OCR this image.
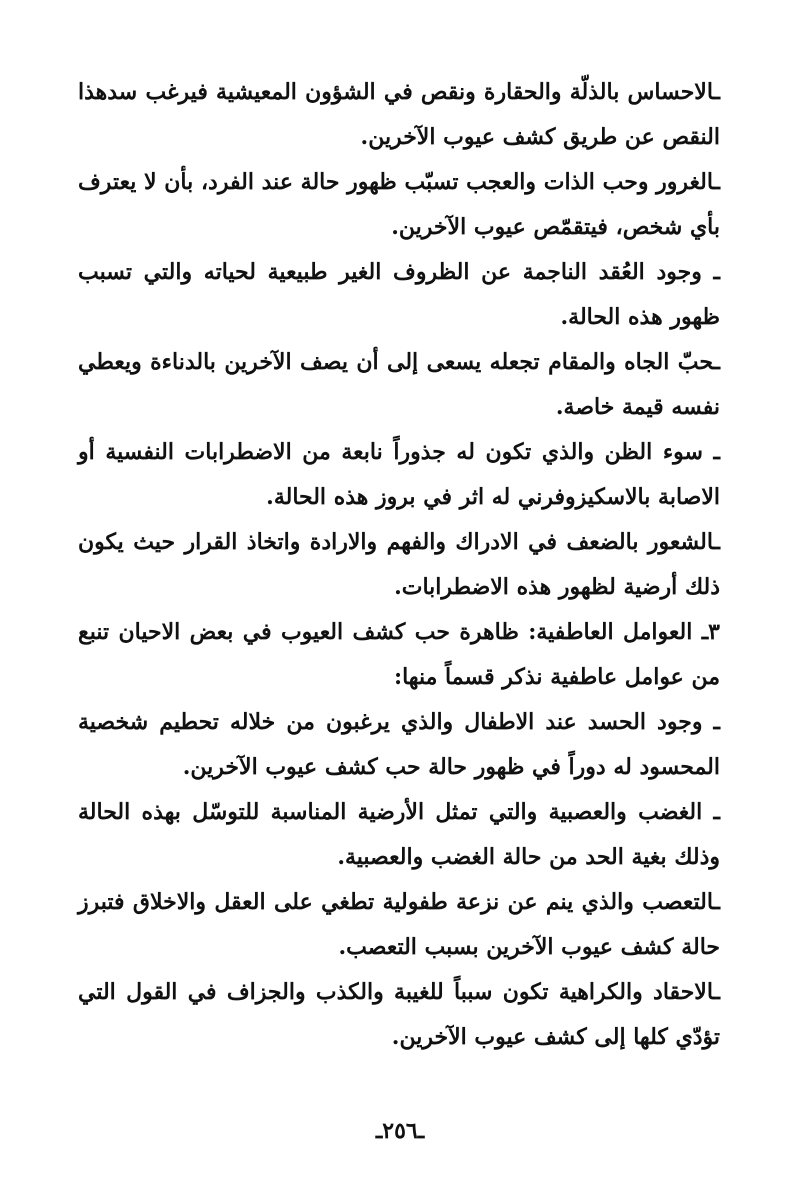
ـالاحساس بالذلّة والحقارة ونقص في الشؤون المعيشية فيرغب سدهذا النقص عن طريق كشف عيوب الآخرين.

ـالغرور وحب الذات والعجب تسبّب ظهور حالة عند الفرد، بأن لا يعترف بأي شخص، فيتقمّص عيوب الآخرين.

ـ وجود العُقد الناجمة عن الظروف الغير طبيعية لحياته والتي تسبب ظهور هذه الحالة.

ـحبّ الجاه والمقام تجعله يسعى إلى أن يصف الآخرين بالدناءة ويعطي نفسه قيمة خاصة.

ـ سوء الظن والذي تكون له جذوراً نابعة من الاضطرابات النفسية أو الاصابة بالاسكيزوفرني له اثر في بروز هذه الحالة.

ـالشعور بالضعف في الادراك والفهم والارادة واتخاذ القرار حيث يكون ذلك أرضية لظهور هذه الاضطرابات.

٣ـ العوامل العاطفية: ظاهرة حب كشف العيوب في بعض الاحيان تنبع من عوامل عاطفية نذكر قسماً منها:

ـ وجود الحسد عند الاطفال والذي يرغبون من خلاله تحطيم شخصية المحسود له دوراً في ظهور حالة حب كشف عيوب الآخرين.

ـ الغضب والعصبية والتي تمثل الأرضية المناسبة للتوسّل بهذه الحالة وذلك بغية الحد من حالة الغضب والعصبية.

ـالتعصب والذي ينم عن نزعة طفولية تطغي على العقل والاخلاق فتبرز حالة كشف عيوب الآخرين بسبب التعصب.

ـالاحقاد والكراهية تكون سبباً للغيبة والكذب والجزاف في القول التي تؤدّي كلها إلى كشف عيوب الآخرين.

ـ٢٥٦ـ
